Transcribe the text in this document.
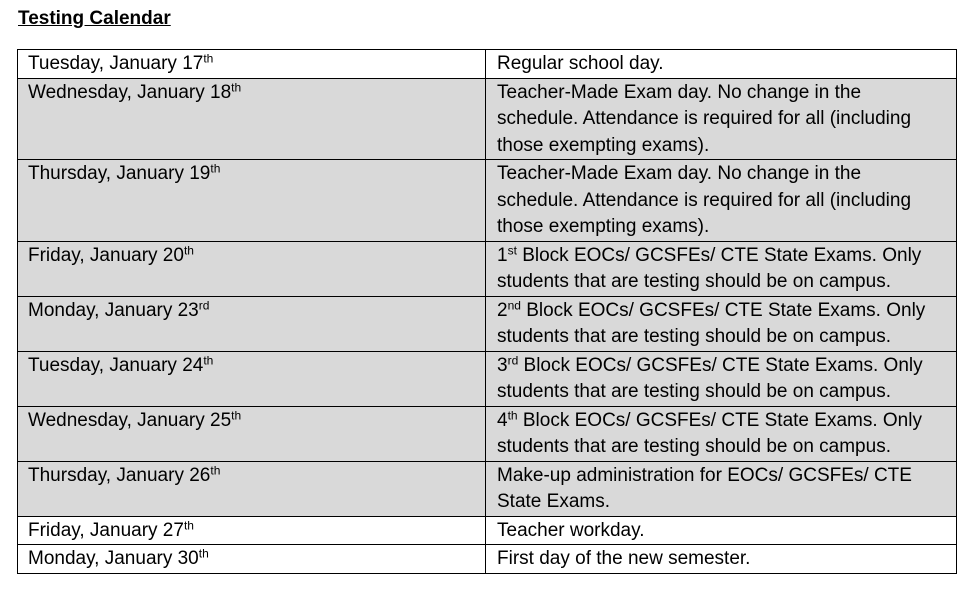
Testing Calendar
Tuesday, January 17th	Regular school day.
Wednesday, January 18th	Teacher-Made Exam day. No change in the schedule. Attendance is required for all (including those exempting exams).
Thursday, January 19th	Teacher-Made Exam day. No change in the schedule. Attendance is required for all (including those exempting exams).
Friday, January 20th	1st Block EOCs/ GCSFEs/ CTE State Exams. Only students that are testing should be on campus.
Monday, January 23rd	2nd Block EOCs/ GCSFEs/ CTE State Exams. Only students that are testing should be on campus.
Tuesday, January 24th	3rd Block EOCs/ GCSFEs/ CTE State Exams. Only students that are testing should be on campus.
Wednesday, January 25th	4th Block EOCs/ GCSFEs/ CTE State Exams. Only students that are testing should be on campus.
Thursday, January 26th	Make-up administration for EOCs/ GCSFEs/ CTE State Exams.
Friday, January 27th	Teacher workday.
Monday, January 30th	First day of the new semester.
